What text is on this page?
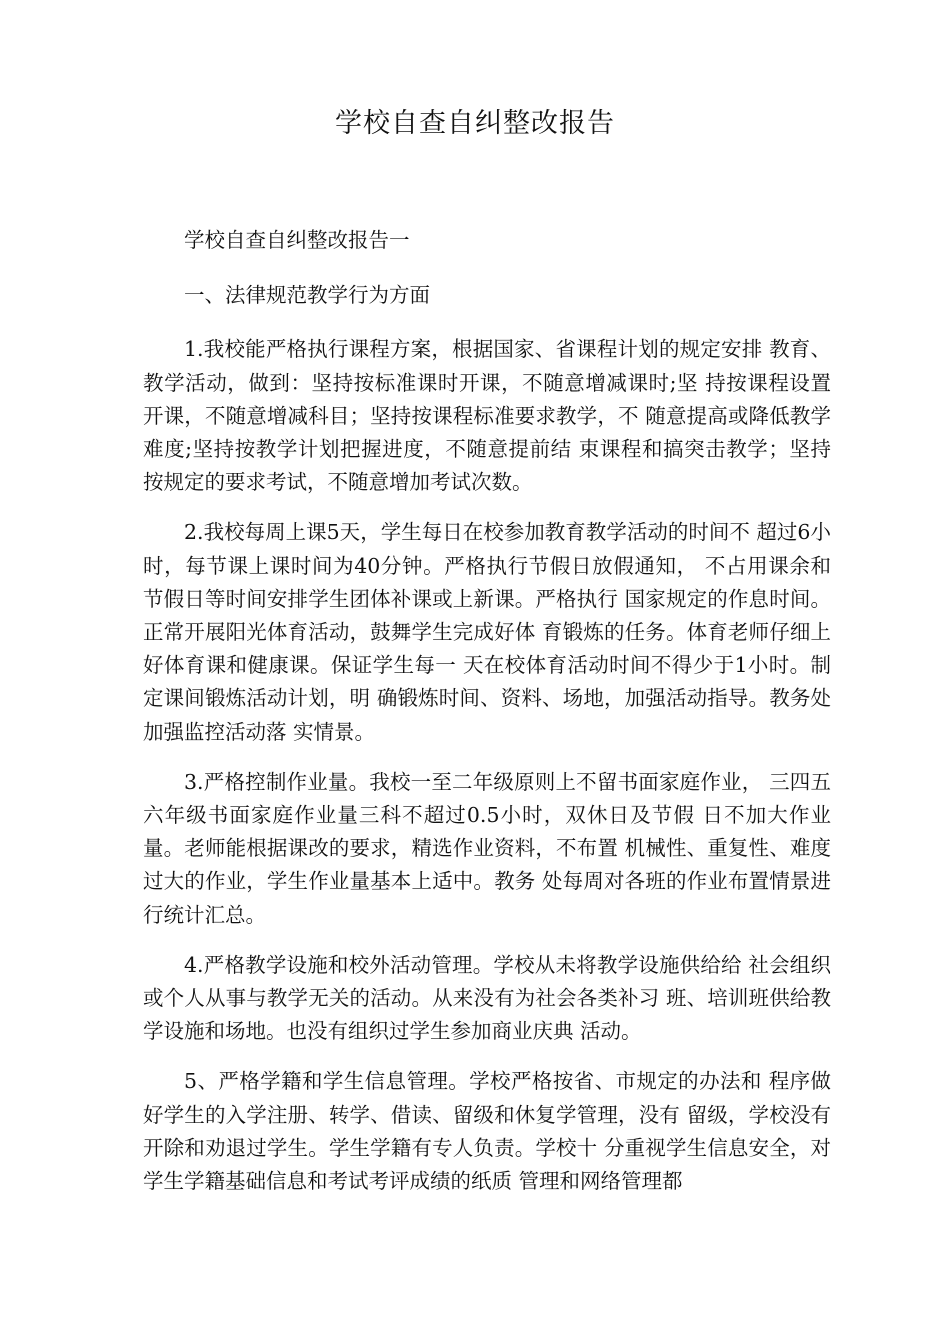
学校自查自纠整改报告

学校自查自纠整改报告一

一、法律规范教学行为方面

1.我校能严格执行课程方案，根据国家、省课程计划的规定安排 教育、教学活动，做到：坚持按标准课时开课，不随意增减课时;坚 持按课程设置开课，不随意增减科目；坚持按课程标准要求教学，不 随意提高或降低教学难度;坚持按教学计划把握进度，不随意提前结 束课程和搞突击教学；坚持按规定的要求考试，不随意增加考试次数。

2.我校每周上课5天，学生每日在校参加教育教学活动的时间不 超过6小时，每节课上课时间为40分钟。严格执行节假日放假通知， 不占用课余和节假日等时间安排学生团体补课或上新课。严格执行 国家规定的作息时间。正常开展阳光体育活动，鼓舞学生完成好体 育锻炼的任务。体育老师仔细上好体育课和健康课。保证学生每一 天在校体育活动时间不得少于1小时。制定课间锻炼活动计划，明 确锻炼时间、资料、场地，加强活动指导。教务处加强监控活动落 实情景。

3.严格控制作业量。我校一至二年级原则上不留书面家庭作业， 三四五六年级书面家庭作业量三科不超过0.5小时，双休日及节假 日不加大作业量。老师能根据课改的要求，精选作业资料，不布置 机械性、重复性、难度过大的作业，学生作业量基本上适中。教务 处每周对各班的作业布置情景进行统计汇总。

4.严格教学设施和校外活动管理。学校从未将教学设施供给给 社会组织或个人从事与教学无关的活动。从来没有为社会各类补习 班、培训班供给教学设施和场地。也没有组织过学生参加商业庆典 活动。

5、严格学籍和学生信息管理。学校严格按省、市规定的办法和 程序做好学生的入学注册、转学、借读、留级和休复学管理，没有 留级，学校没有开除和劝退过学生。学生学籍有专人负责。学校十 分重视学生信息安全，对学生学籍基础信息和考试考评成绩的纸质 管理和网络管理都
